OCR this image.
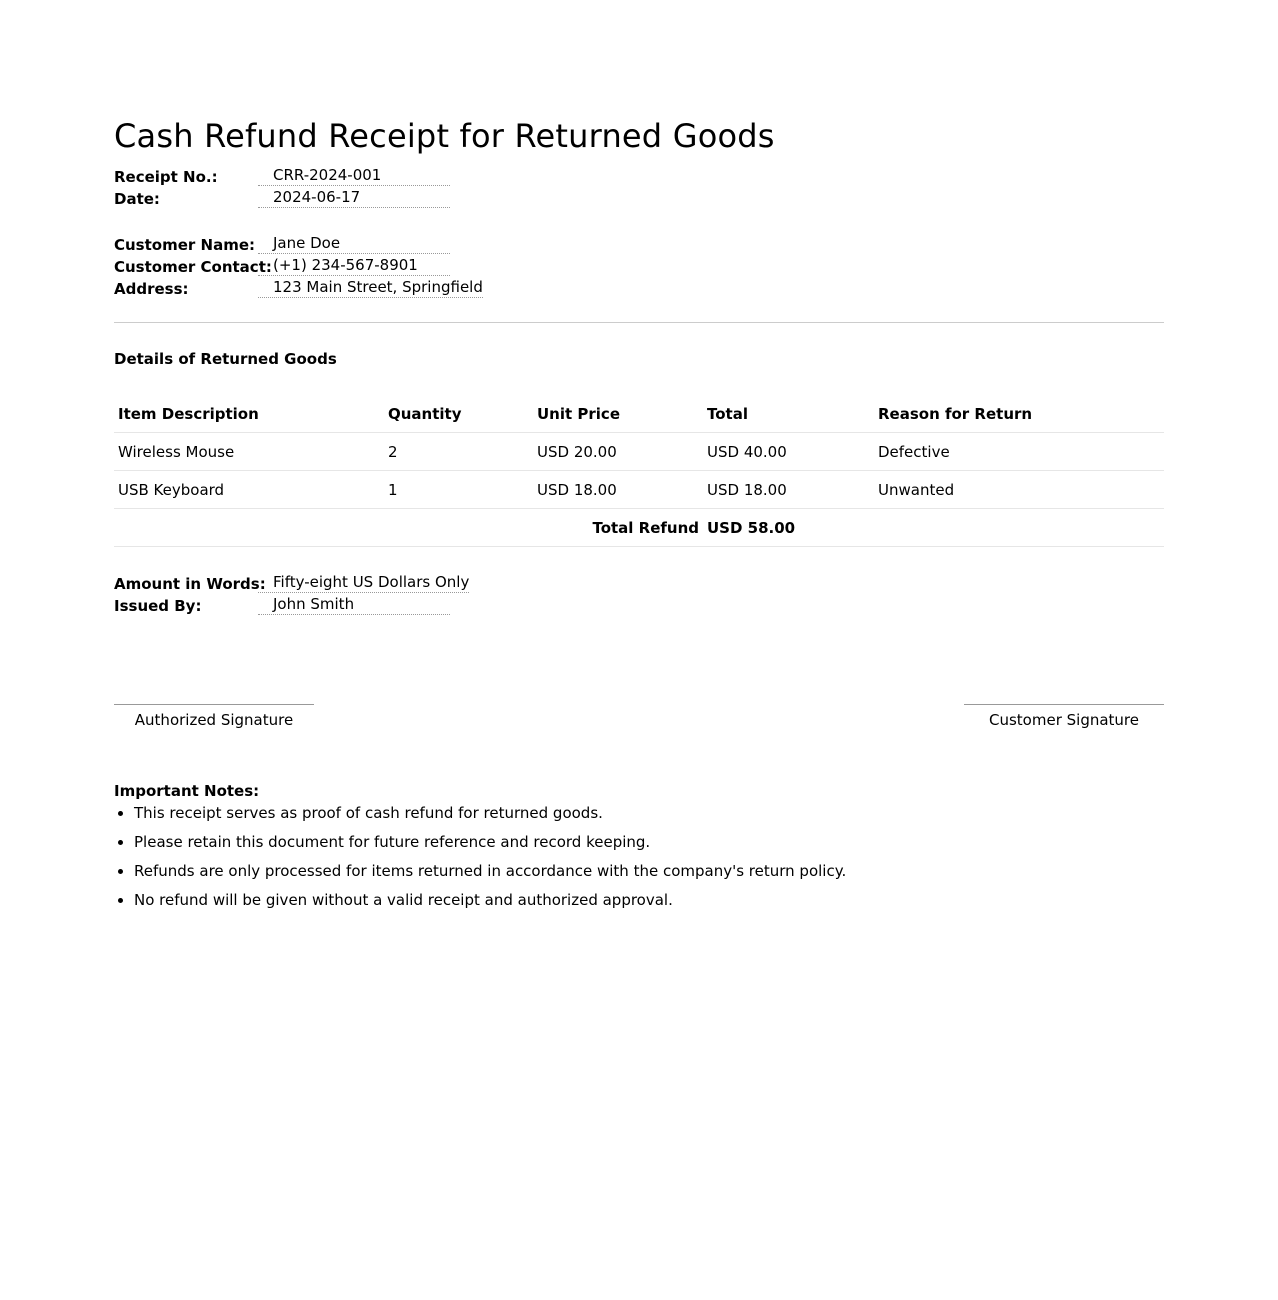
Cash Refund Receipt for Returned Goods
Receipt No.:	CRR-2024-001
Date:	2024-06-17
Customer Name:	Jane Doe
Customer Contact: (+1) 234-567-8901
Address:	123 Main Street, Springfield
Details of Returned Goods
Item Description	Quantity	Unit Price	Total	Reason for Return
Wireless Mouse	2	USD 20.00	USD 40.00	Defective
USB Keyboard	1	USD 18.00	USD 18.00	Unwanted
Total Refund			USD 58.00	
Amount in Words: Fifty-eight US Dollars Only
Issued By:	John Smith
Authorized Signature	Customer Signature
Important Notes:
• This receipt serves as proof of cash refund for returned goods.
• Please retain this document for future reference and record keeping.
• Refunds are only processed for items returned in accordance with the company's return policy.
• No refund will be given without a valid receipt and authorized approval.
